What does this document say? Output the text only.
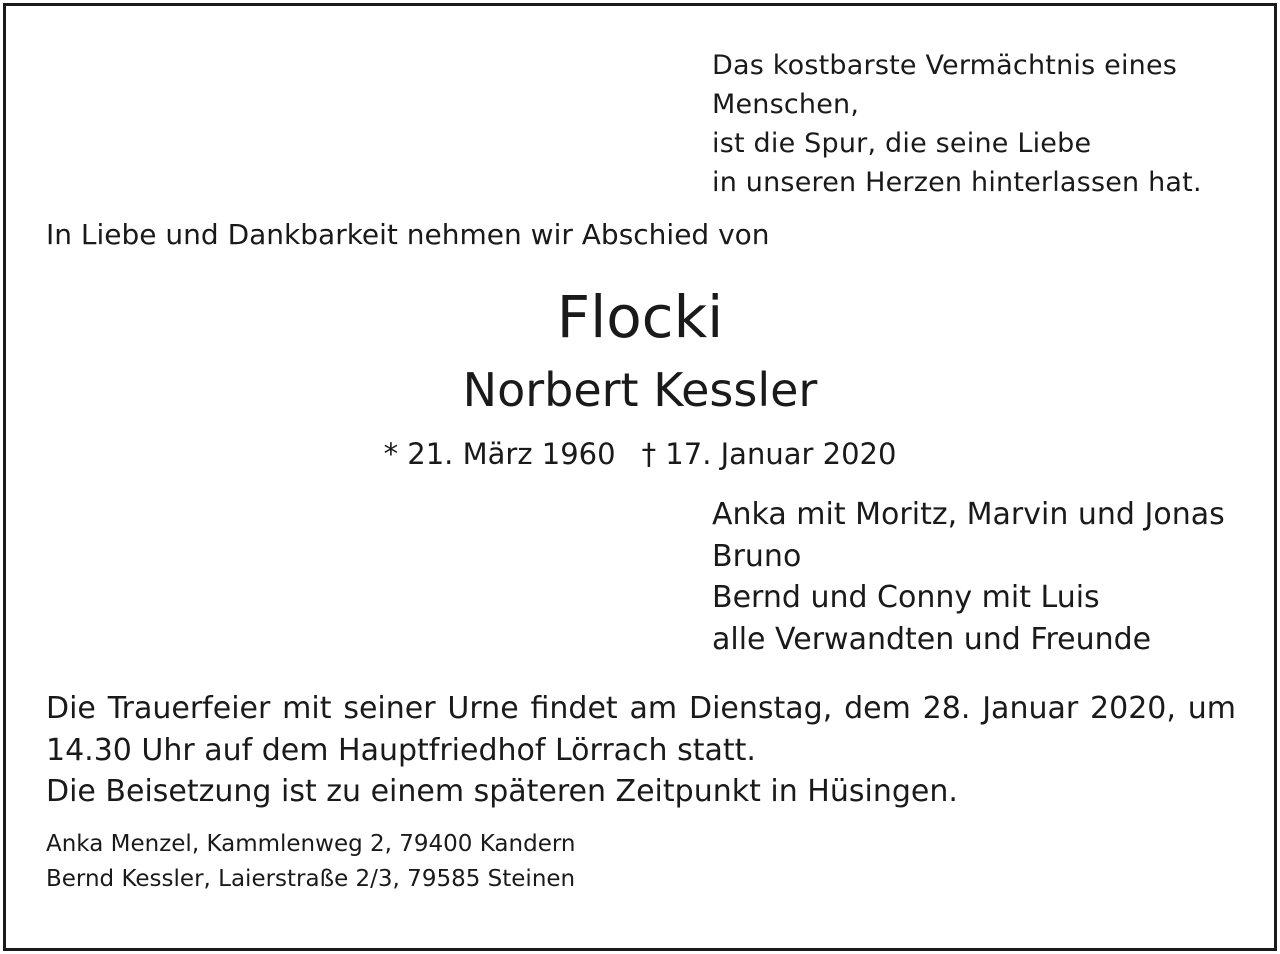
Das kostbarste Vermächtnis eines
Menschen,
ist die Spur, die seine Liebe
in unseren Herzen hinterlassen hat.

In Liebe und Dankbarkeit nehmen wir Abschied von

Flocki

Norbert Kessler

* 21. März 1960 † 17. Januar 2020

Anka mit Moritz, Marvin und Jonas
Bruno
Bernd und Conny mit Luis
alle Verwandten und Freunde
Die Trauerfeier mit seiner Urne findet am Dienstag, dem 28. Januar 2020, um
14.30 Uhr auf dem Hauptfriedhof Lörrach statt.
Die Beisetzung ist zu einem späteren Zeitpunkt in Hüsingen.
Anka Menzel, Kammlenweg 2, 79400 Kandern
Bernd Kessler, Laierstraße 2/3, 79585 Steinen
